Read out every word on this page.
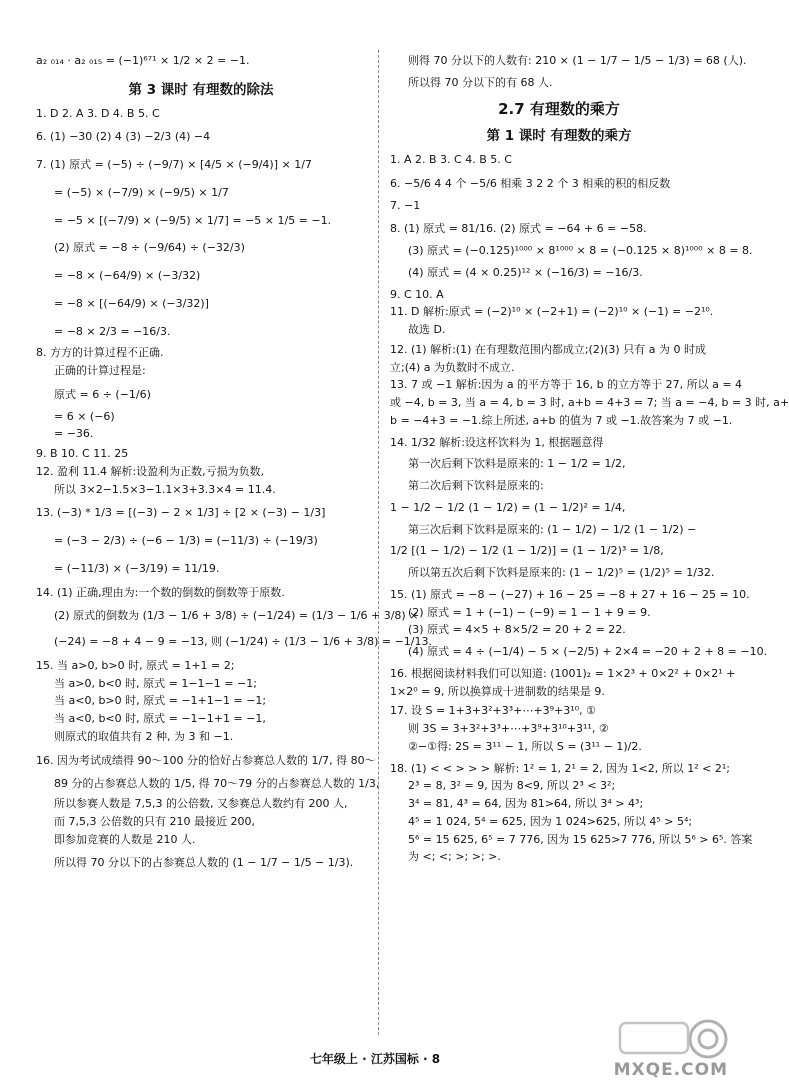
a₂ ₀₁₄ · a₂ ₀₁₅ = (−1)⁶⁷¹ × 1/2 × 2 = −1.

第 3 课时 有理数的除法

1. D 2. A 3. D 4. B 5. C

6. (1) −30 (2) 4 (3) −2/3 (4) −4

7. (1) 原式 = (−5) ÷ (−9/7) × [4/5 × (−9/4)] × 1/7

= (−5) × (−7/9) × (−9/5) × 1/7

= −5 × [(−7/9) × (−9/5) × 1/7] = −5 × 1/5 = −1.

(2) 原式 = −8 ÷ (−9/64) ÷ (−32/3)

= −8 × (−64/9) × (−3/32)

= −8 × [(−64/9) × (−3/32)]

= −8 × 2/3 = −16/3.

8. 方方的计算过程不正确.

正确的计算过程是:

原式 = 6 ÷ (−1/6)

= 6 × (−6)

= −36.

9. B 10. C 11. 25

12. 盈利 11.4 解析:设盈利为正数,亏损为负数,

所以 3×2−1.5×3−1.1×3+3.3×4 = 11.4.

13. (−3) * 1/3 = [(−3) − 2 × 1/3] ÷ [2 × (−3) − 1/3]

= (−3 − 2/3) ÷ (−6 − 1/3) = (−11/3) ÷ (−19/3)

= (−11/3) × (−3/19) = 11/19.

14. (1) 正确,理由为:一个数的倒数的倒数等于原数.

(2) 原式的倒数为 (1/3 − 1/6 + 3/8) ÷ (−1/24) = (1/3 − 1/6 + 3/8) ×

(−24) = −8 + 4 − 9 = −13, 则 (−1/24) ÷ (1/3 − 1/6 + 3/8) = −1/13.

15. 当 a>0, b>0 时, 原式 = 1+1 = 2;

当 a>0, b<0 时, 原式 = 1−1−1 = −1;

当 a<0, b>0 时, 原式 = −1+1−1 = −1;

当 a<0, b<0 时, 原式 = −1−1+1 = −1,

则原式的取值共有 2 种, 为 3 和 −1.

16. 因为考试成绩得 90～100 分的恰好占参赛总人数的 1/7, 得 80～

89 分的占参赛总人数的 1/5, 得 70～79 分的占参赛总人数的 1/3,

所以参赛人数是 7,5,3 的公倍数, 又参赛总人数约有 200 人,

而 7,5,3 公倍数的只有 210 最接近 200,

即参加竞赛的人数是 210 人.

所以得 70 分以下的占参赛总人数的 (1 − 1/7 − 1/5 − 1/3).

则得 70 分以下的人数有: 210 × (1 − 1/7 − 1/5 − 1/3) = 68 (人).

所以得 70 分以下的有 68 人.

2.7 有理数的乘方
第 1 课时 有理数的乘方

1. A 2. B 3. C 4. B 5. C

6. −5/6 4 4 个 −5/6 相乘 3 2 2 个 3 相乘的积的相反数

7. −1

8. (1) 原式 = 81/16. (2) 原式 = −64 + 6 = −58.

(3) 原式 = (−0.125)¹⁰⁰⁰ × 8¹⁰⁰⁰ × 8 = (−0.125 × 8)¹⁰⁰⁰ × 8 = 8.

(4) 原式 = (4 × 0.25)¹² × (−16/3) = −16/3.

9. C 10. A

11. D 解析:原式 = (−2)¹⁰ × (−2+1) = (−2)¹⁰ × (−1) = −2¹⁰.

故选 D.

12. (1) 解析:(1) 在有理数范围内都成立;(2)(3) 只有 a 为 0 时成

立;(4) a 为负数时不成立.

13. 7 或 −1 解析:因为 a 的平方等于 16, b 的立方等于 27, 所以 a = 4

或 −4, b = 3, 当 a = 4, b = 3 时, a+b = 4+3 = 7; 当 a = −4, b = 3 时, a+

b = −4+3 = −1.综上所述, a+b 的值为 7 或 −1.故答案为 7 或 −1.

14. 1/32 解析:设这杯饮料为 1, 根据题意得

第一次后剩下饮料是原来的: 1 − 1/2 = 1/2,

第二次后剩下饮料是原来的:

1 − 1/2 − 1/2 (1 − 1/2) = (1 − 1/2)² = 1/4,

第三次后剩下饮料是原来的: (1 − 1/2) − 1/2 (1 − 1/2) −

1/2 [(1 − 1/2) − 1/2 (1 − 1/2)] = (1 − 1/2)³ = 1/8,

所以第五次后剩下饮料是原来的: (1 − 1/2)⁵ = (1/2)⁵ = 1/32.

15. (1) 原式 = −8 − (−27) + 16 − 25 = −8 + 27 + 16 − 25 = 10.

(2) 原式 = 1 + (−1) − (−9) = 1 − 1 + 9 = 9.

(3) 原式 = 4×5 + 8×5/2 = 20 + 2 = 22.

(4) 原式 = 4 ÷ (−1/4) − 5 × (−2/5) + 2×4 = −20 + 2 + 8 = −10.

16. 根据阅读材料我们可以知道: (1001)₂ = 1×2³ + 0×2² + 0×2¹ +

1×2⁰ = 9, 所以换算成十进制数的结果是 9.

17. 设 S = 1+3+3²+3³+⋯+3⁹+3¹⁰, ①

则 3S = 3+3²+3³+⋯+3⁹+3¹⁰+3¹¹, ②

②−①得: 2S = 3¹¹ − 1, 所以 S = (3¹¹ − 1)/2.

18. (1) < < > > > 解析: 1² = 1, 2¹ = 2, 因为 1<2, 所以 1² < 2¹;

2³ = 8, 3² = 9, 因为 8<9, 所以 2³ < 3²;

3⁴ = 81, 4³ = 64, 因为 81>64, 所以 3⁴ > 4³;

4⁵ = 1 024, 5⁴ = 625, 因为 1 024>625, 所以 4⁵ > 5⁴;

5⁶ = 15 625, 6⁵ = 7 776, 因为 15 625>7 776, 所以 5⁶ > 6⁵. 答案

为 <; <; >; >; >.

七年级上 · 江苏国标 · 8
MXQE.COM
